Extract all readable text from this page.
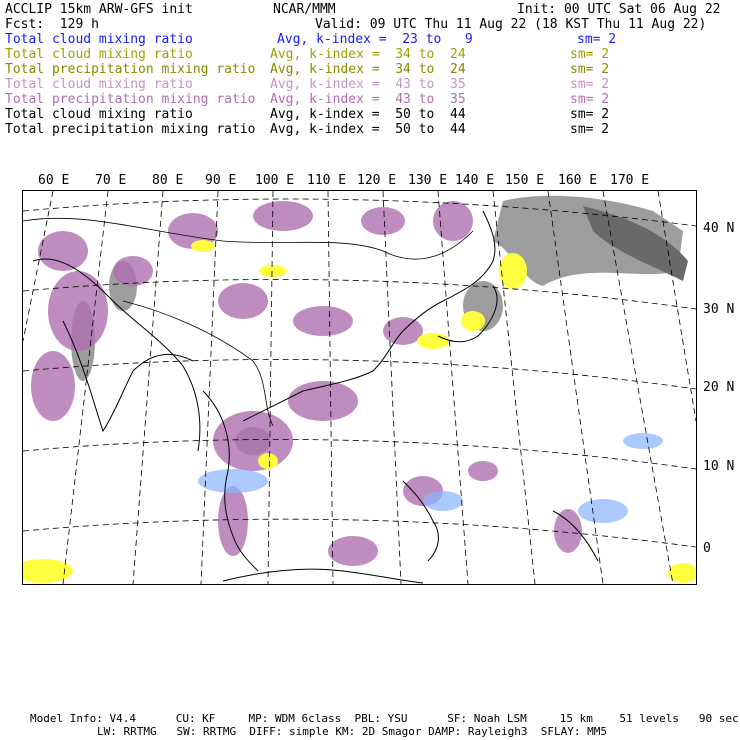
ACCLIP 15km ARW-GFS init	NCAR/MMM	Init: 00 UTC Sat 06 Aug 22
Fcst:  129 h	Valid: 09 UTC Thu 11 Aug 22 (18 KST Thu 11 Aug 22)
Total cloud mixing ratio	Avg, k-index =  23 to   9	sm= 2
Total cloud mixing ratio	Avg, k-index =  34 to  24	sm= 2
Total precipitation mixing ratio Avg, k-index =  34 to  24	sm= 2
Total cloud mixing ratio	Avg, k-index =  43 to  35	sm= 2
Total precipitation mixing ratio Avg, k-index =  43 to  35	sm= 2
Total cloud mixing ratio	Avg, k-index =  50 to  44	sm= 2
Total precipitation mixing ratio Avg, k-index =  50 to  44	sm= 2
60 E 70 E 80 E 90 E 100 E 110 E 120 E 130 E 140 E 150 E 160 E 170 E
40 N
30 N
20 N
10 N
0
Model Info: V4.4      CU: KF     MP: WDM 6class  PBL: YSU      SF: Noah LSM     15 km    51 levels   90 sec
LW: RRTMG   SW: RRTMG  DIFF: simple KM: 2D Smagor DAMP: Rayleigh3  SFLAY: MM5
